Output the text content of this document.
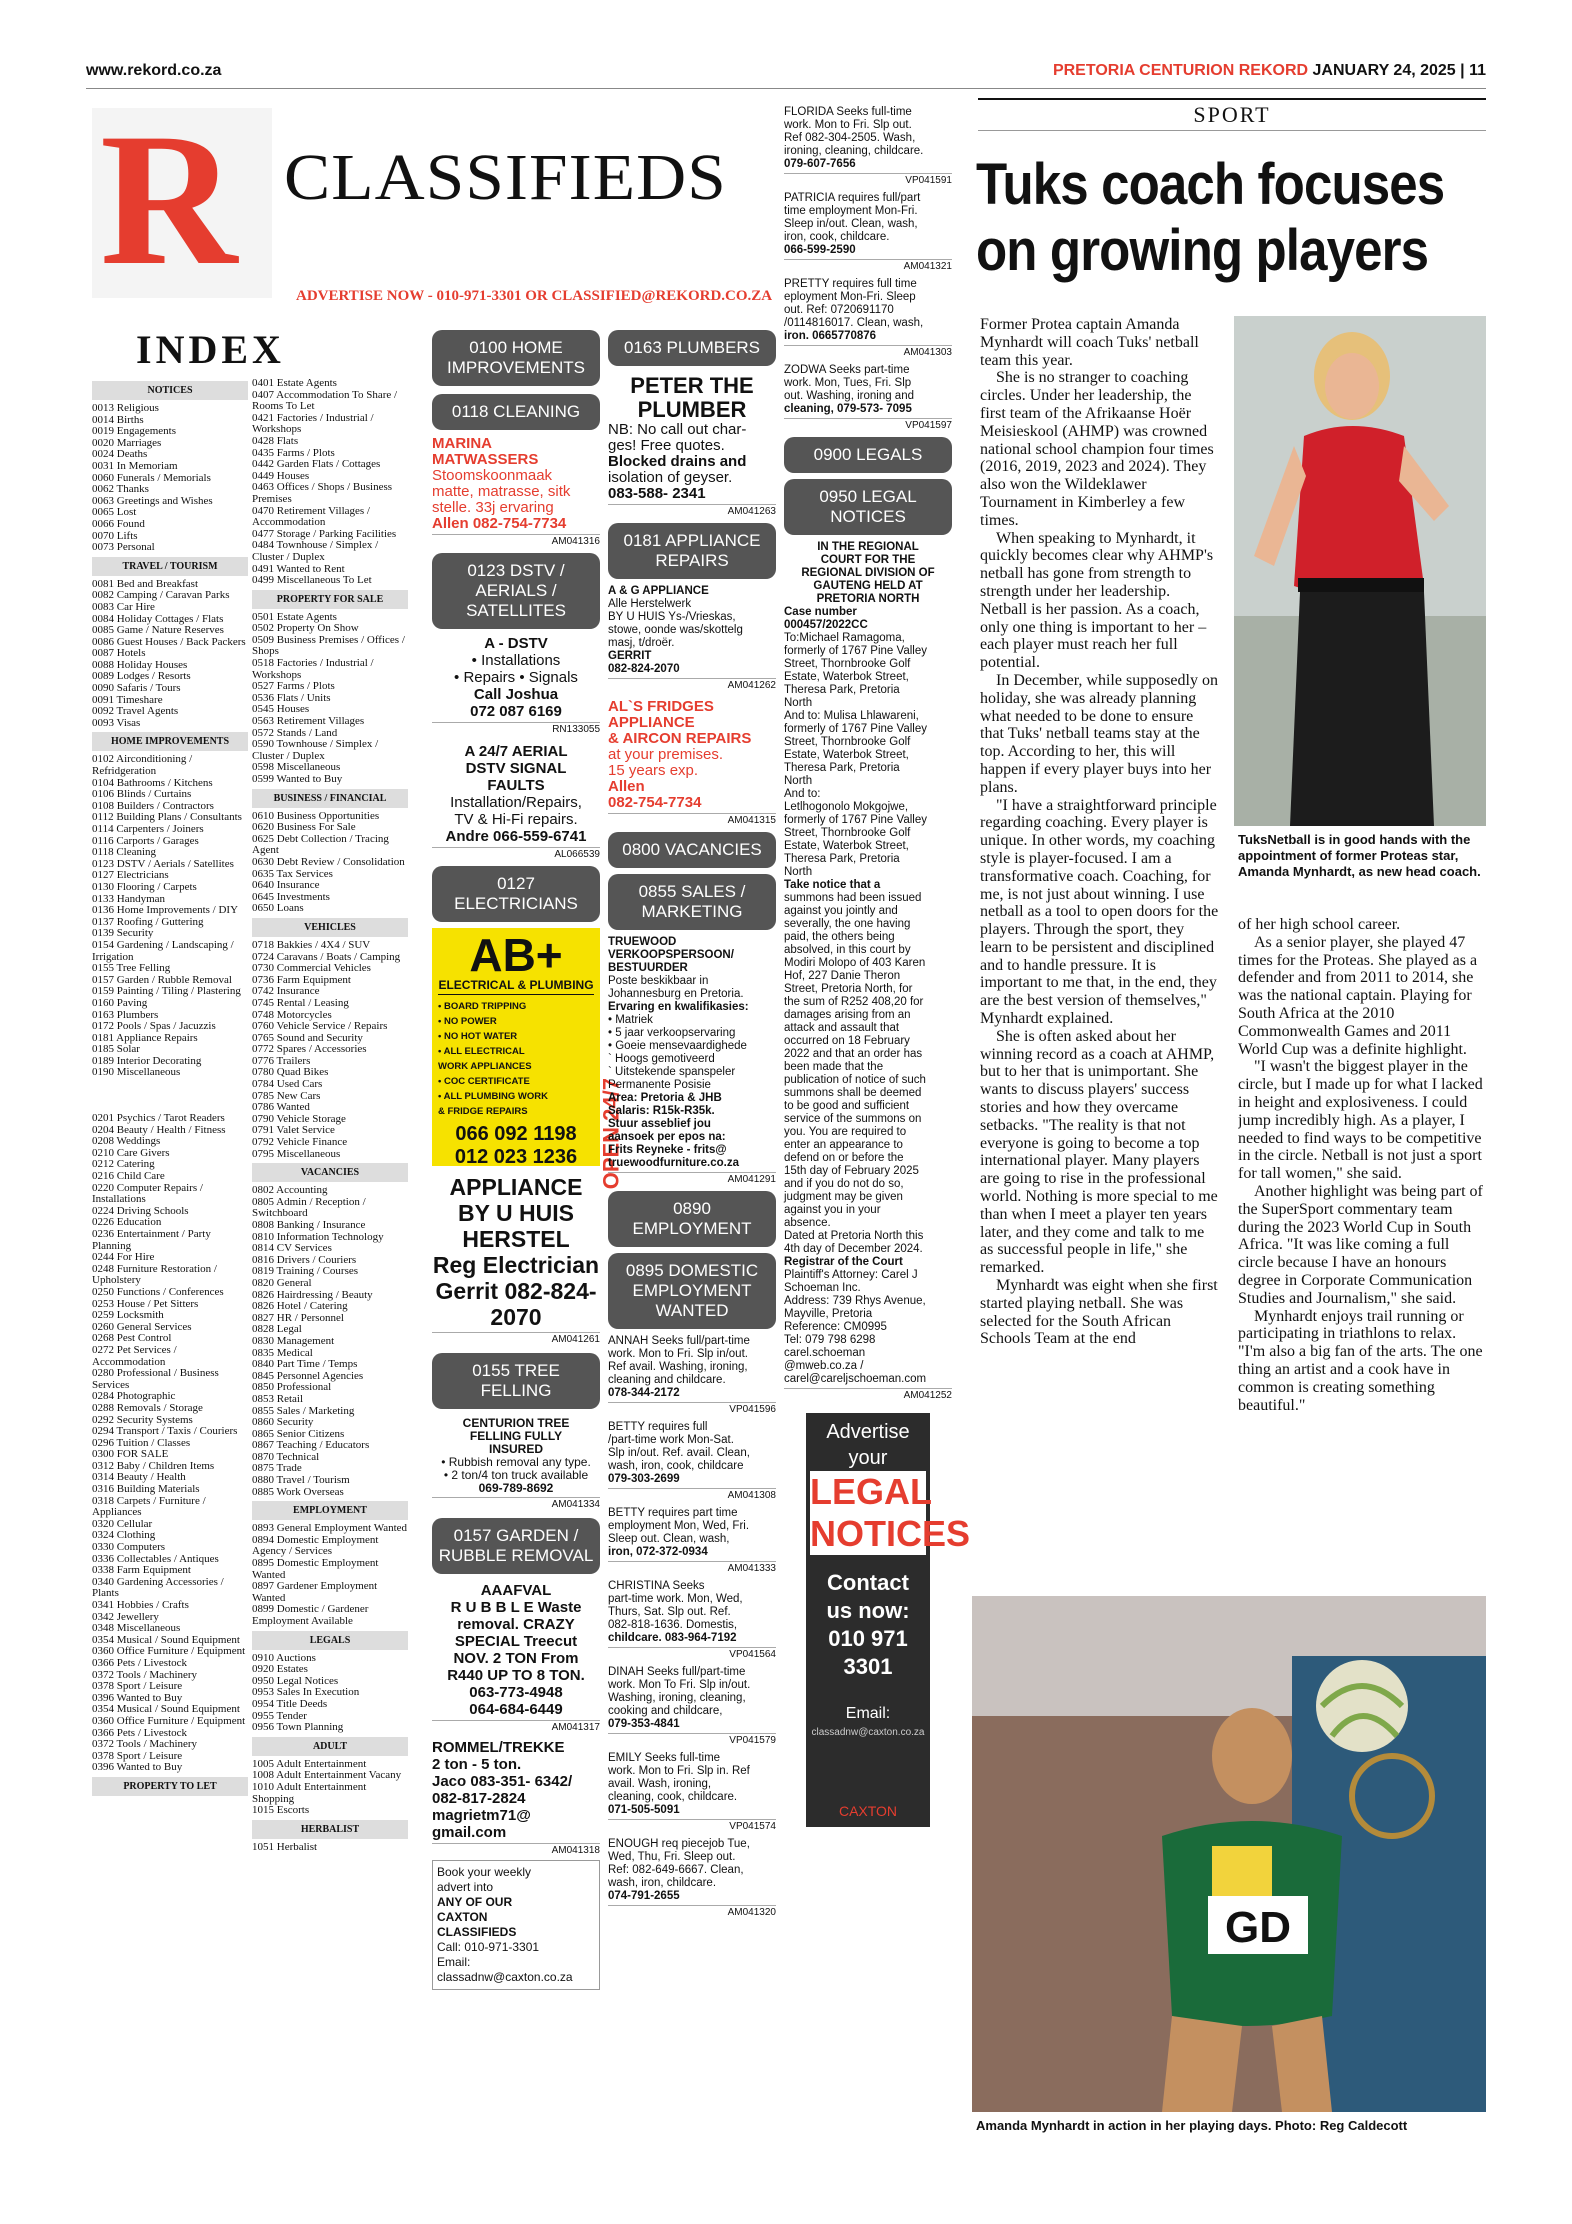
www.rekord.co.za	PRETORIA CENTURION REKORD JANUARY 24, 2025 | 11
R CLASSIFIEDS
ADVERTISE NOW - 010-971-3301 OR CLASSIFIED@REKORD.CO.ZA
INDEX
NOTICES
0013 Religious
0014 Births
0019 Engagements
0020 Marriages
0024 Deaths
0031 In Memoriam
0060 Funerals / Memorials
0062 Thanks
0063 Greetings and Wishes
0065 Lost
0066 Found
0070 Lifts
0073 Personal
TRAVEL / TOURISM
0081 Bed and Breakfast
0082 Camping / Caravan Parks
0083 Car Hire
0084 Holiday Cottages / Flats
0085 Game / Nature Reserves
0086 Guest Houses / Back Packers
0087 Hotels
0088 Holiday Houses
0089 Lodges / Resorts
0090 Safaris / Tours
0091 Timeshare
0092 Travel Agents
0093 Visas
HOME IMPROVEMENTS
0102 Airconditioning / Refridgeration
0104 Bathrooms / Kitchens
0106 Blinds / Curtains
0108 Builders / Contractors
0112 Building Plans / Consultants
0114 Carpenters / Joiners
0116 Carports / Garages
0118 Cleaning
0123 DSTV / Aerials / Satellites
0127 Electricians
0130 Flooring / Carpets
0133 Handyman
0136 Home Improvements / DIY
0137 Roofing / Guttering
0139 Security
0154 Gardening / Landscaping / Irrigation
0155 Tree Felling
0157 Garden / Rubble Removal
0159 Painting / Tiling / Plastering
0160 Paving
0163 Plumbers
0172 Pools / Spas / Jacuzzis
0181 Appliance Repairs
0185 Solar
0189 Interior Decorating
0190 Miscellaneous
0201 Psychics / Tarot Readers
0204 Beauty / Health / Fitness
0208 Weddings
0210 Care Givers
0212 Catering
0216 Child Care
0220 Computer Repairs / Installations
0224 Driving Schools
0226 Education
0236 Entertainment / Party Planning
0244 For Hire
0248 Furniture Restoration / Upholstery
0250 Functions / Conferences
0253 House / Pet Sitters
0259 Locksmith
0260 General Services
0268 Pest Control
0272 Pet Services / Accommodation
0280 Professional / Business Services
0284 Photographic
0288 Removals / Storage
0292 Security Systems
0294 Transport / Taxis / Couriers
0296 Tuition / Classes
0300 FOR SALE
0312 Baby / Children Items
0314 Beauty / Health
0316 Building Materials
0318 Carpets / Furniture / Appliances
0320 Cellular
0324 Clothing
0330 Computers
0336 Collectables / Antiques
0338 Farm Equipment
0340 Gardening Accessories / Plants
0341 Hobbies / Crafts
0342 Jewellery
0348 Miscellaneous
0354 Musical / Sound Equipment
0360 Office Furniture / Equipment
0366 Pets / Livestock
0372 Tools / Machinery
0378 Sport / Leisure
0396 Wanted to Buy
0354 Musical / Sound Equipment
0360 Office Furniture / Equipment
0366 Pets / Livestock
0372 Tools / Machinery
0378 Sport / Leisure
0396 Wanted to Buy
PROPERTY TO LET
0401 Estate Agents
0407 Accommodation To Share / Rooms To Let
0421 Factories / Industrial / Workshops
0428 Flats
0435 Farms / Plots
0442 Garden Flats / Cottages
0449 Houses
0463 Offices / Shops / Business Premises
0470 Retirement Villages / Accommodation
0477 Storage / Parking Facilities
0484 Townhouse / Simplex / Cluster / Duplex
0491 Wanted to Rent
0499 Miscellaneous To Let
PROPERTY FOR SALE
0501 Estate Agents
0502 Property On Show
0509 Business Premises / Offices / Shops
0518 Factories / Industrial / Workshops
0527 Farms / Plots
0536 Flats / Units
0545 Houses
0563 Retirement Villages
0572 Stands / Land
0590 Townhouse / Simplex / Cluster / Duplex
0598 Miscellaneous
0599 Wanted to Buy
BUSINESS / FINANCIAL
0610 Business Opportunities
0620 Business For Sale
0625 Debt Collection / Tracing Agent
0630 Debt Review / Consolidation
0635 Tax Services
0640 Insurance
0645 Investments
0650 Loans
VEHICLES
0718 Bakkies / 4X4 / SUV
0724 Caravans / Boats / Camping
0730 Commercial Vehicles
0736 Farm Equipment
0742 Insurance
0745 Rental / Leasing
0748 Motorcycles
0760 Vehicle Service / Repairs
0765 Sound and Security
0772 Spares / Accessories
0776 Trailers
0780 Quad Bikes
0784 Used Cars
0785 New Cars
0786 Wanted
0790 Vehicle Storage
0791 Valet Service
0792 Vehicle Finance
0795 Miscellaneous
VACANCIES
0802 Accounting
0805 Admin / Reception / Switchboard
0808 Banking / Insurance
0810 Information Technology
0814 CV Services
0816 Drivers / Couriers
0819 Training / Courses
0820 General
0826 Hairdressing / Beauty
0826 Hotel / Catering
0827 HR / Personnel
0828 Legal
0830 Management
0835 Medical
0840 Part Time / Temps
0845 Personnel Agencies
0850 Professional
0853 Retail
0855 Sales / Marketing
0860 Security
0865 Senior Citizens
0867 Teaching / Educators
0870 Technical
0875 Trade
0880 Travel / Tourism
0885 Work Overseas
EMPLOYMENT
0893 General Employment Wanted
0894 Domestic Employment Agency / Services
0895 Domestic Employment Wanted
0897 Gardener Employment Wanted
0899 Domestic / Gardener Employment Available
LEGALS
0910 Auctions
0920 Estates
0950 Legal Notices
0953 Sales In Execution
0954 Title Deeds
0955 Tender
0956 Town Planning
ADULT
1005 Adult Entertainment
1008 Adult Entertainment Vacany
1010 Adult Entertainment Shopping
1015 Escorts
HERBALIST
1051 Herbalist
0100 HOME IMPROVEMENTS
0118 CLEANING
MARINA
MATWASSERS
Stoomskoonmaak
matte, matrasse, sitk
stelle. 33j ervaring
Allen 082-754-7734
AM041316
0123 DSTV / AERIALS / SATELLITES
A - DSTV
• Installations
• Repairs • Signals
Call Joshua
072 087 6169
RN133055
A 24/7 AERIAL
DSTV SIGNAL
FAULTS
Installation/Repairs,
TV & Hi-Fi repairs.
Andre 066-559-6741
AL066539
0127 ELECTRICIANS
AB+
ELECTRICAL & PLUMBING
• BOARD TRIPPING
• NO POWER
• NO HOT WATER
• ALL ELECTRICAL WORK APPLIANCES
• COC CERTIFICATE
• ALL PLUMBING WORK & FRIDGE REPAIRS	OPEN 24/7
066 092 1198
012 023 1236
APPLIANCE
BY U HUIS
HERSTEL
Reg Electrician
Gerrit 082-824-2070
AM041261
0155 TREE FELLING
CENTURION TREE
FELLING FULLY
INSURED
• Rubbish removal any type.
• 2 ton/4 ton truck available
069-789-8692
AM041334
0157 GARDEN / RUBBLE REMOVAL
AAAFVAL
R U B B L E Waste
removal. CRAZY
SPECIAL Treecut
NOV. 2 TON From
R440 UP TO 8 TON.
063-773-4948
064-684-6449
AM041317
ROMMEL/TREKKE
2 ton - 5 ton.
Jaco 083-351- 6342/
082-817-2824
magrietm71@
gmail.com
AM041318
Book your weekly
advert into
ANY OF OUR
CAXTON
CLASSIFIEDS
Call: 010-971-3301
Email: classadnw@caxton.co.za
0163 PLUMBERS
PETER THE
PLUMBER
NB: No call out char-
ges! Free quotes.
Blocked drains and
isolation of geyser.
083-588- 2341
AM041263
0181 APPLIANCE REPAIRS
A & G APPLIANCE
Alle Herstelwerk
BY U HUIS Ys-/Vrieskas,
stowe, oonde was/skottelg
masj, t/droër.
GERRIT
082-824-2070
AM041262
AL`S FRIDGES
APPLIANCE
& AIRCON REPAIRS
at your premises.
15 years exp.
Allen
082-754-7734
AM041315
0800 VACANCIES
0855 SALES / MARKETING
TRUEWOOD
VERKOOPSPERSOON/
BESTUURDER
Poste beskikbaar in
Johannesburg en Pretoria.
Ervaring en kwalifikasies:
• Matriek
• 5 jaar verkoopservaring
• Goeie mensevaardighede
` Hoogs gemotiveerd
` Uitstekende spanspeler
Permanente Posisie
Area: Pretoria & JHB
Salaris: R15k-R35k.
Stuur asseblief jou
aansoek per epos na:
Frits Reyneke - frits@
truewoodfurniture.co.za
AM041291
0890 EMPLOYMENT
0895 DOMESTIC EMPLOYMENT WANTED
ANNAH Seeks full/part-time
work. Mon to Fri. Slp in/out.
Ref avail. Washing, ironing,
cleaning and childcare.
078-344-2172
VP041596
BETTY requires full
/part-time work Mon-Sat.
Slp in/out. Ref. avail. Clean,
wash, iron, cook, childcare
079-303-2699
AM041308
BETTY requires part time
employment Mon, Wed, Fri.
Sleep out. Clean, wash,
iron, 072-372-0934
AM041333
CHRISTINA Seeks
part-time work. Mon, Wed,
Thurs, Sat. Slp out. Ref.
082-818-1636. Domestis,
childcare. 083-964-7192
VP041564
DINAH Seeks full/part-time
work. Mon To Fri. Slp in/out.
Washing, ironing, cleaning,
cooking and childcare,
079-353-4841
VP041579
EMILY Seeks full-time
work. Mon to Fri. Slp in. Ref
avail. Wash, ironing,
cleaning, cook, childcare.
071-505-5091
VP041574
ENOUGH req piecejob Tue,
Wed, Thu, Fri. Sleep out.
Ref: 082-649-6667. Clean,
wash, iron, childcare.
074-791-2655
AM041320
FLORIDA Seeks full-time
work. Mon to Fri. Slp out.
Ref 082-304-2505. Wash,
ironing, cleaning, childcare.
079-607-7656
VP041591
PATRICIA requires full/part
time employment Mon-Fri.
Sleep in/out. Clean, wash,
iron, cook, childcare.
066-599-2590
AM041321
PRETTY requires full time
eployment Mon-Fri. Sleep
out. Ref: 0720691170
/0114816017. Clean, wash,
iron. 0665770876
AM041303
ZODWA Seeks part-time
work. Mon, Tues, Fri. Slp
out. Washing, ironing and
cleaning, 079-573- 7095
VP041597
0900 LEGALS
0950 LEGAL NOTICES
IN THE REGIONAL
COURT FOR THE
REGIONAL DIVISION OF
GAUTENG HELD AT
PRETORIA NORTH
Case number
000457/2022CC
To:Michael Ramagoma,
formerly of 1767 Pine Valley
Street, Thornbrooke Golf
Estate, Waterbok Street,
Theresa Park, Pretoria
North
And to: Mulisa Lhlawareni,
formerly of 1767 Pine Valley
Street, Thornbrooke Golf
Estate, Waterbok Street,
Theresa Park, Pretoria
North
And to:
Letlhogonolo Mokgojwe,
formerly of 1767 Pine Valley
Street, Thornbrooke Golf
Estate, Waterbok Street,
Theresa Park, Pretoria
North
Take notice that a
summons had been issued
against you jointly and
severally, the one having
paid, the others being
absolved, in this court by
Modiri Molopo of 403 Karen
Hof, 227 Danie Theron
Street, Pretoria North, for
the sum of R252 408,20 for
damages arising from an
attack and assault that
occurred on 18 February
2022 and that an order has
been made that the
publication of notice of such
summons shall be deemed
to be good and sufficient
service of the summons on
you. You are required to
enter an appearance to
defend on or before the
15th day of February 2025
and if you do not do so,
judgment may be given
against you in your
absence.
Dated at Pretoria North this
4th day of December 2024.
Registrar of the Court
Plaintiff's Attorney: Carel J
Schoeman Inc.
Address: 739 Rhys Avenue,
Mayville, Pretoria
Reference: CM0995
Tel: 079 798 6298
carel.schoeman
@mweb.co.za /
carel@careljschoeman.com
AM041252
Advertise
your
LEGAL
NOTICES
Contact
us now:
010 971 3301
Email:
classadnw@caxton.co.za
CAXTON
SPORT
Tuks coach focuses on growing players

Former Protea captain Amanda Mynhardt will coach Tuks' netball team this year.

She is no stranger to coaching circles. Under her leadership, the first team of the Afrikaanse Hoër Meisieskool (AHMP) was crowned national school champion four times (2016, 2019, 2023 and 2024). They also won the Wildeklawer Tournament in Kimberley a few times.

When speaking to Mynhardt, it quickly becomes clear why AHMP's netball has gone from strength to strength under her leadership. Netball is her passion. As a coach, only one thing is important to her – each player must reach her full potential.

In December, while supposedly on holiday, she was already planning what needed to be done to ensure that Tuks' netball teams stay at the top. According to her, this will happen if every player buys into her plans.

"I have a straightforward principle regarding coaching. Every player is unique. In other words, my coaching style is player-focused. I am a transformative coach. Coaching, for me, is not just about winning. I use netball as a tool to open doors for the players. Through the sport, they learn to be persistent and disciplined and to handle pressure. It is important to me that, in the end, they are the best version of themselves," Mynhardt explained.

She is often asked about her winning record as a coach at AHMP, but to her that is unimportant. She wants to discuss players' success stories and how they overcame setbacks. "The reality is that not everyone is going to become a top international player. Many players are going to rise in the professional world. Nothing is more special to me than when I meet a player ten years later, and they come and talk to me as successful people in life," she remarked.

Mynhardt was eight when she first started playing netball. She was selected for the South African Schools Team at the end

TuksNetball is in good hands with the appointment of former Proteas star, Amanda Mynhardt, as new head coach.

of her high school career.

As a senior player, she played 47 times for the Proteas. She played as a defender and from 2011 to 2014, she was the national captain. Playing for South Africa at the 2010 Commonwealth Games and 2011 World Cup was a definite highlight.

"I wasn't the biggest player in the circle, but I made up for what I lacked in height and explosiveness. I could jump incredibly high. As a player, I needed to find ways to be competitive in the circle. Netball is not just a sport for tall women," she said.

Another highlight was being part of the SuperSport commentary team during the 2023 World Cup in South Africa. "It was like coming a full circle because I have an honours degree in Corporate Communication Studies and Journalism," she said.

Mynhardt enjoys trail running or participating in triathlons to relax. "I'm also a big fan of the arts. The one thing an artist and a cook have in common is creating something beautiful."

GD
Amanda Mynhardt in action in her playing days. Photo: Reg Caldecott
